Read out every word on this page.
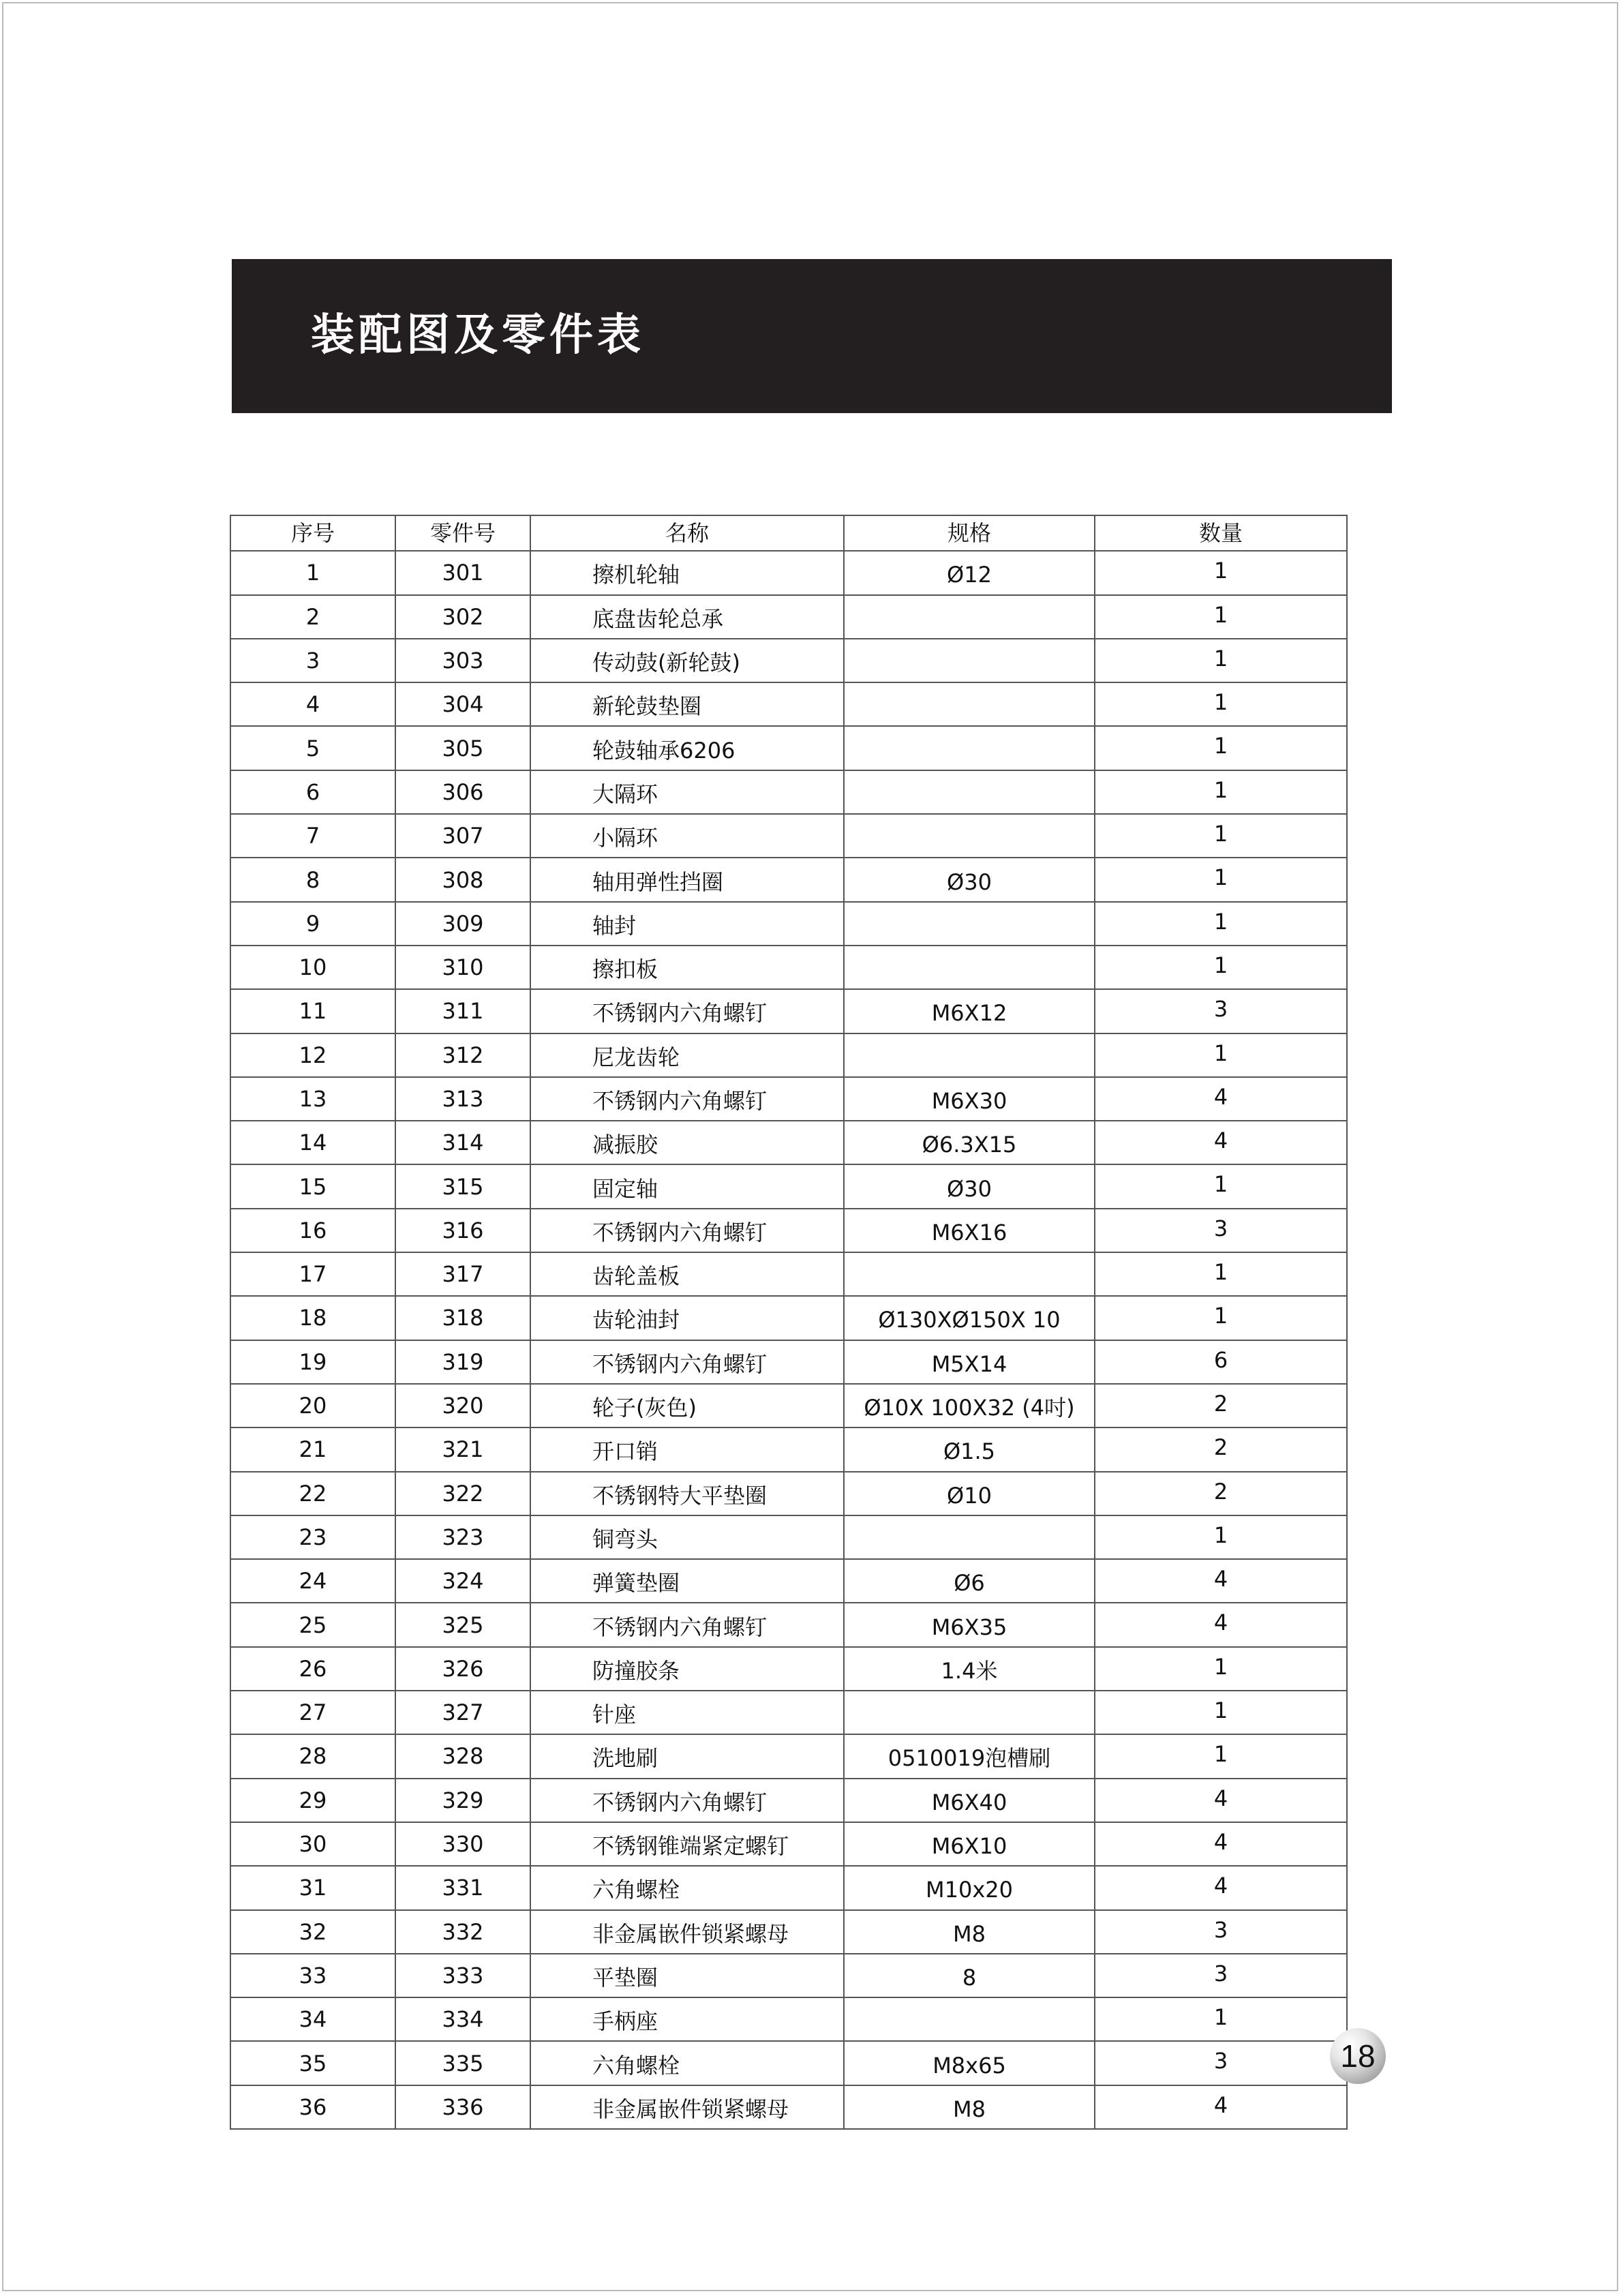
装配图及零件表
序号	零件号	名称	规格	数量
1	301	擦机轮轴	Ø12	1
2	302	底盘齿轮总承		1
3	303	传动鼓(新轮鼓)		1
4	304	新轮鼓垫圈		1
5	305	轮鼓轴承6206		1
6	306	大隔环		1
7	307	小隔环		1
8	308	轴用弹性挡圈	Ø30	1
9	309	轴封		1
10	310	擦扣板		1
11	311	不锈钢内六角螺钉	M6X12	3
12	312	尼龙齿轮		1
13	313	不锈钢内六角螺钉	M6X30	4
14	314	减振胶	Ø6.3X15	4
15	315	固定轴	Ø30	1
16	316	不锈钢内六角螺钉	M6X16	3
17	317	齿轮盖板		1
18	318	齿轮油封	Ø130XØ150X 10	1
19	319	不锈钢内六角螺钉	M5X14	6
20	320	轮子(灰色)	Ø10X 100X32 (4吋)	2
21	321	开口销	Ø1.5	2
22	322	不锈钢特大平垫圈	Ø10	2
23	323	铜弯头		1
24	324	弹簧垫圈	Ø6	4
25	325	不锈钢内六角螺钉	M6X35	4
26	326	防撞胶条	1.4米	1
27	327	针座		1
28	328	洗地刷	0510019泡槽刷	1
29	329	不锈钢内六角螺钉	M6X40	4
30	330	不锈钢锥端紧定螺钉	M6X10	4
31	331	六角螺栓	M10x20	4
32	332	非金属嵌件锁紧螺母	M8	3
33	333	平垫圈	8	3
34	334	手柄座		1
35	335	六角螺栓	M8x65	3
36	336	非金属嵌件锁紧螺母	M8	4
18
